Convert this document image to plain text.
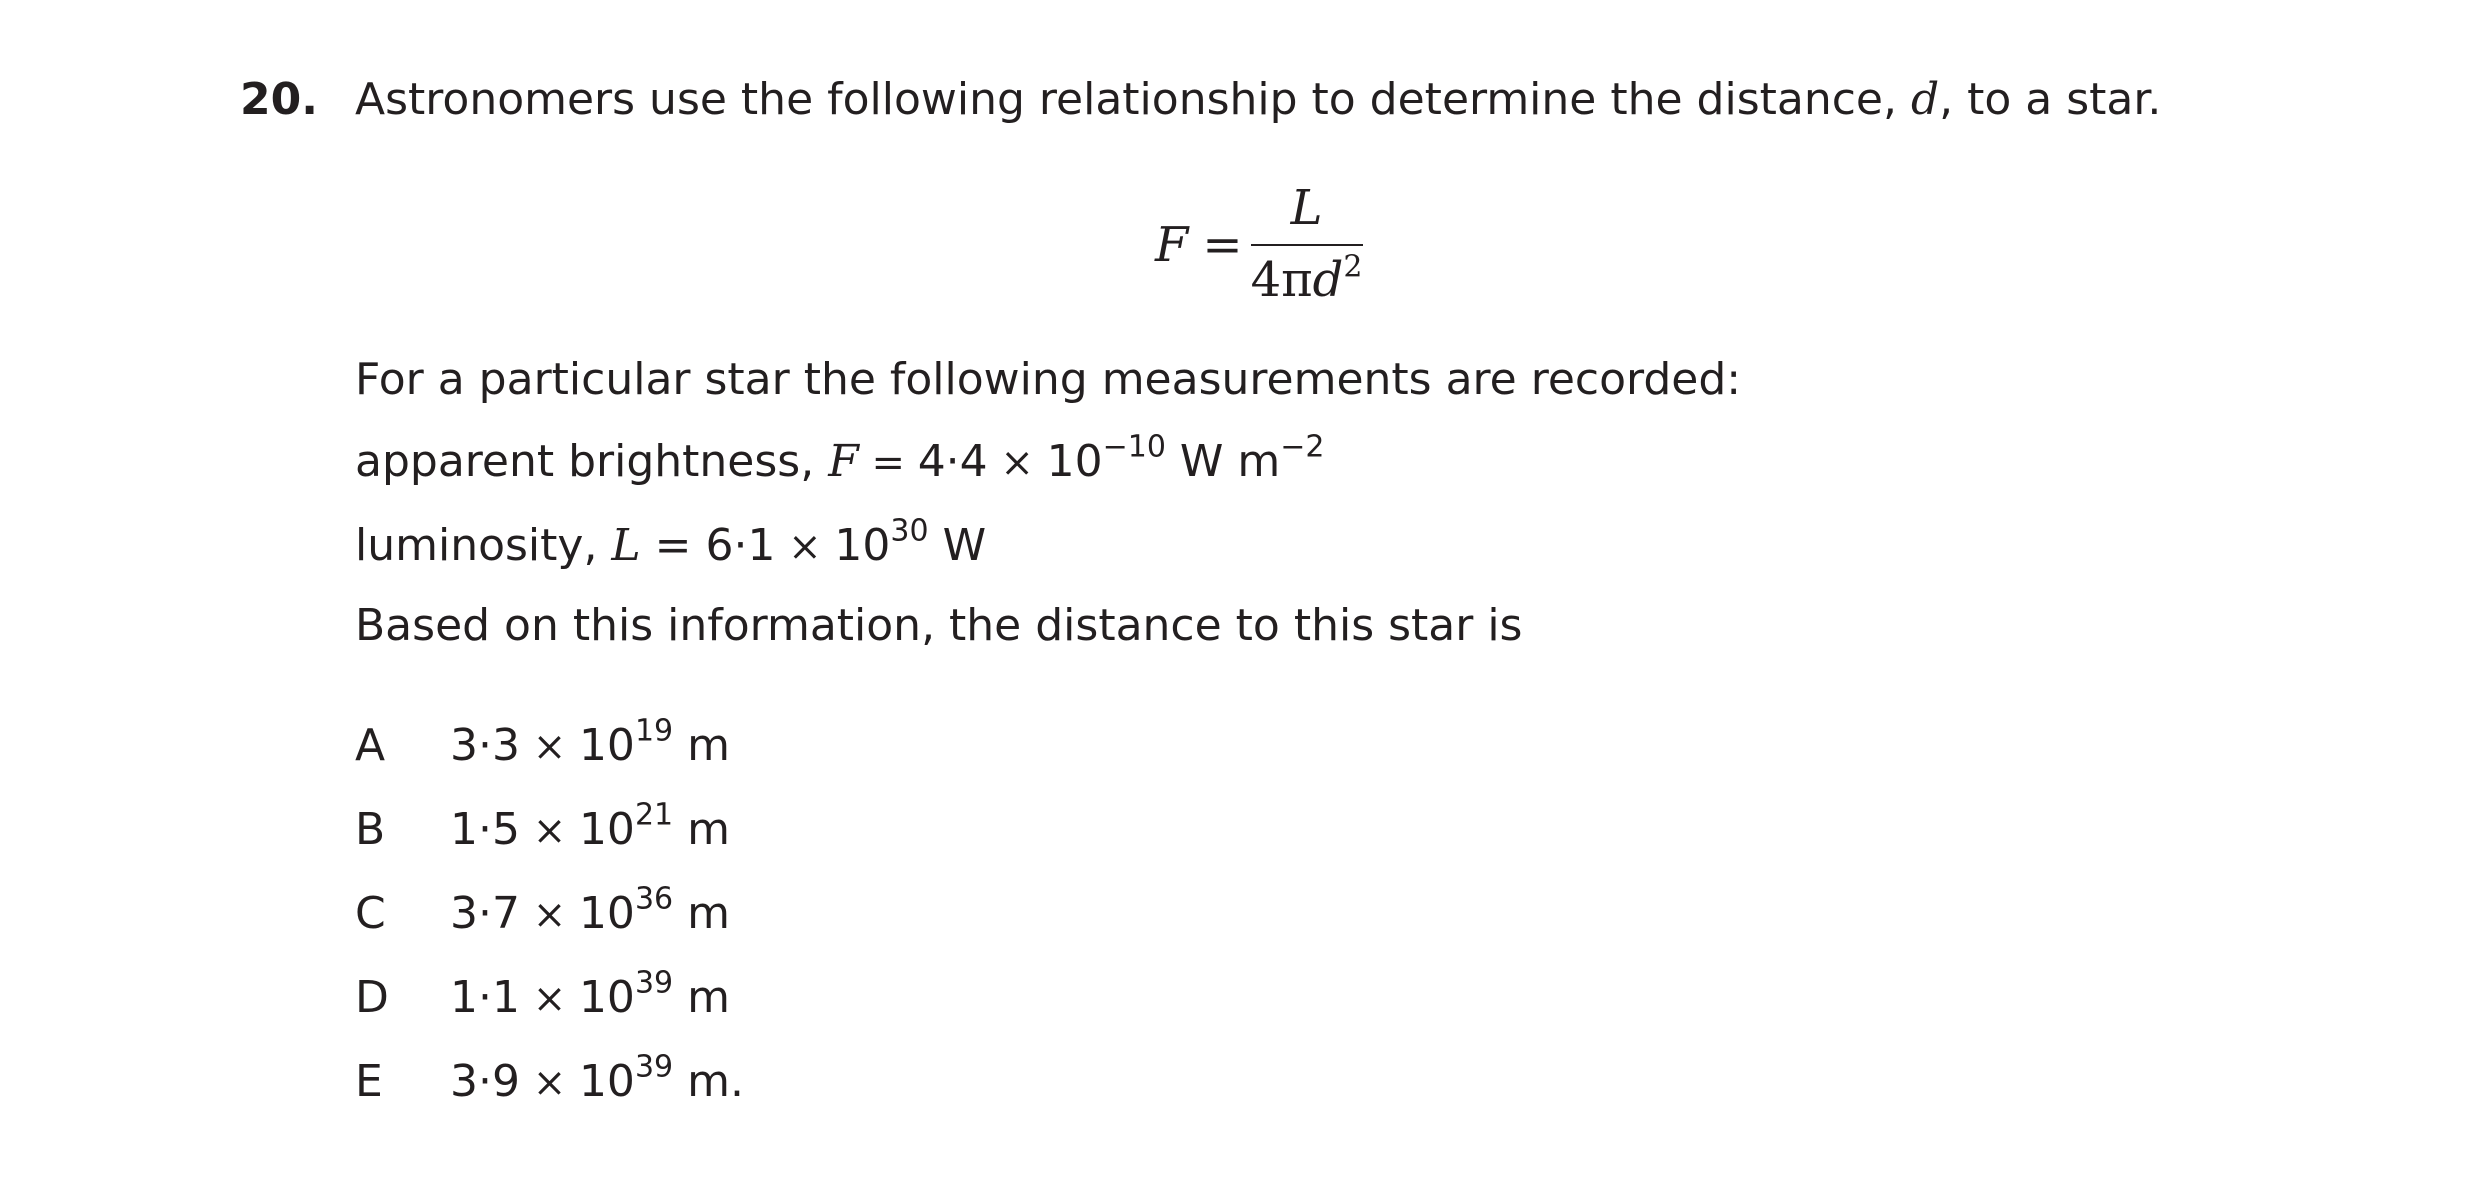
20. Astronomers use the following relationship to determine the distance, d, to a star.
$F = \frac{L}{4\pi d^2}$
For a particular star the following measurements are recorded:
apparent brightness, $F = 4\cdot 4 \times 10^{-10}$ W $m^{-2}$
luminosity, $L = 6\cdot 1 \times 10^{30}$ W
Based on this information, the distance to this star is
A $3\cdot 3 \times 10^{19}$ m
B $1\cdot 5 \times 10^{21}$ m
C $3\cdot 7 \times 10^{36}$ m
D $1\cdot 1 \times 10^{39}$ m
E $3\cdot 9 \times 10^{39}$ m.
